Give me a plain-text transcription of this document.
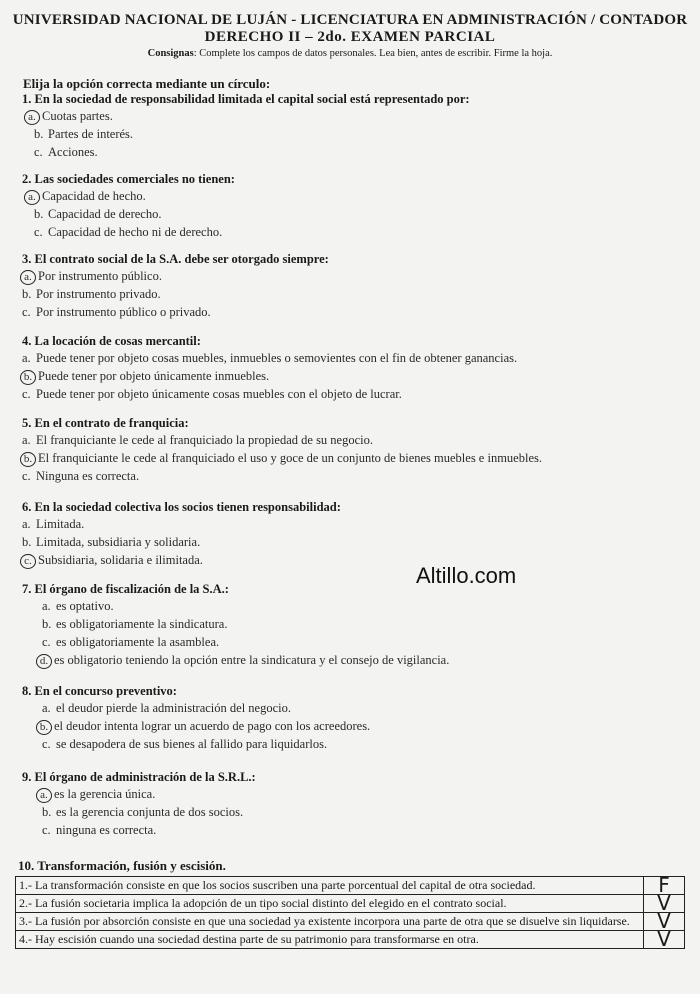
UNIVERSIDAD NACIONAL DE LUJÁN - LICENCIATURA EN ADMINISTRACIÓN / CONTADOR
DERECHO II – 2do. EXAMEN PARCIAL
Consignas: Complete los campos de datos personales. Lea bien, antes de escribir. Firme la hoja.
Elija la opción correcta mediante un círculo:
1. En la sociedad de responsabilidad limitada el capital social está representado por:
a. Cuotas partes.
b. Partes de interés.
c. Acciones.
2. Las sociedades comerciales no tienen:
a. Capacidad de hecho.
b. Capacidad de derecho.
c. Capacidad de hecho ni de derecho.
3. El contrato social de la S.A. debe ser otorgado siempre:
a. Por instrumento público.
b. Por instrumento privado.
c. Por instrumento público o privado.
4. La locación de cosas mercantil:
a. Puede tener por objeto cosas muebles, inmuebles o semovientes con el fin de obtener ganancias.
b. Puede tener por objeto únicamente inmuebles.
c. Puede tener por objeto únicamente cosas muebles con el objeto de lucrar.
5. En el contrato de franquicia:
a. El franquiciante le cede al franquiciado la propiedad de su negocio.
b. El franquiciante le cede al franquiciado el uso y goce de un conjunto de bienes muebles e inmuebles.
c. Ninguna es correcta.
6. En la sociedad colectiva los socios tienen responsabilidad:
a. Limitada.
b. Limitada, subsidiaria y solidaria.
c. Subsidiaria, solidaria e ilimitada.
Altillo.com
7. El órgano de fiscalización de la S.A.:
a. es optativo.
b. es obligatoriamente la sindicatura.
c. es obligatoriamente la asamblea.
d. es obligatorio teniendo la opción entre la sindicatura y el consejo de vigilancia.
8. En el concurso preventivo:
a. el deudor pierde la administración del negocio.
b. el deudor intenta lograr un acuerdo de pago con los acreedores.
c. se desapodera de sus bienes al fallido para liquidarlos.
9. El órgano de administración de la S.R.L.:
a. es la gerencia única.
b. es la gerencia conjunta de dos socios.
c. ninguna es correcta.
10. Transformación, fusión y escisión.
1.- La transformación consiste en que los socios suscriben una parte porcentual del capital de otra sociedad.	F
2.- La fusión societaria implica la adopción de un tipo social distinto del elegido en el contrato social.	V
3.- La fusión por absorción consiste en que una sociedad ya existente incorpora una parte de otra que se disuelve sin liquidarse.	V
4.- Hay escisión cuando una sociedad destina parte de su patrimonio para transformarse en otra.	V
